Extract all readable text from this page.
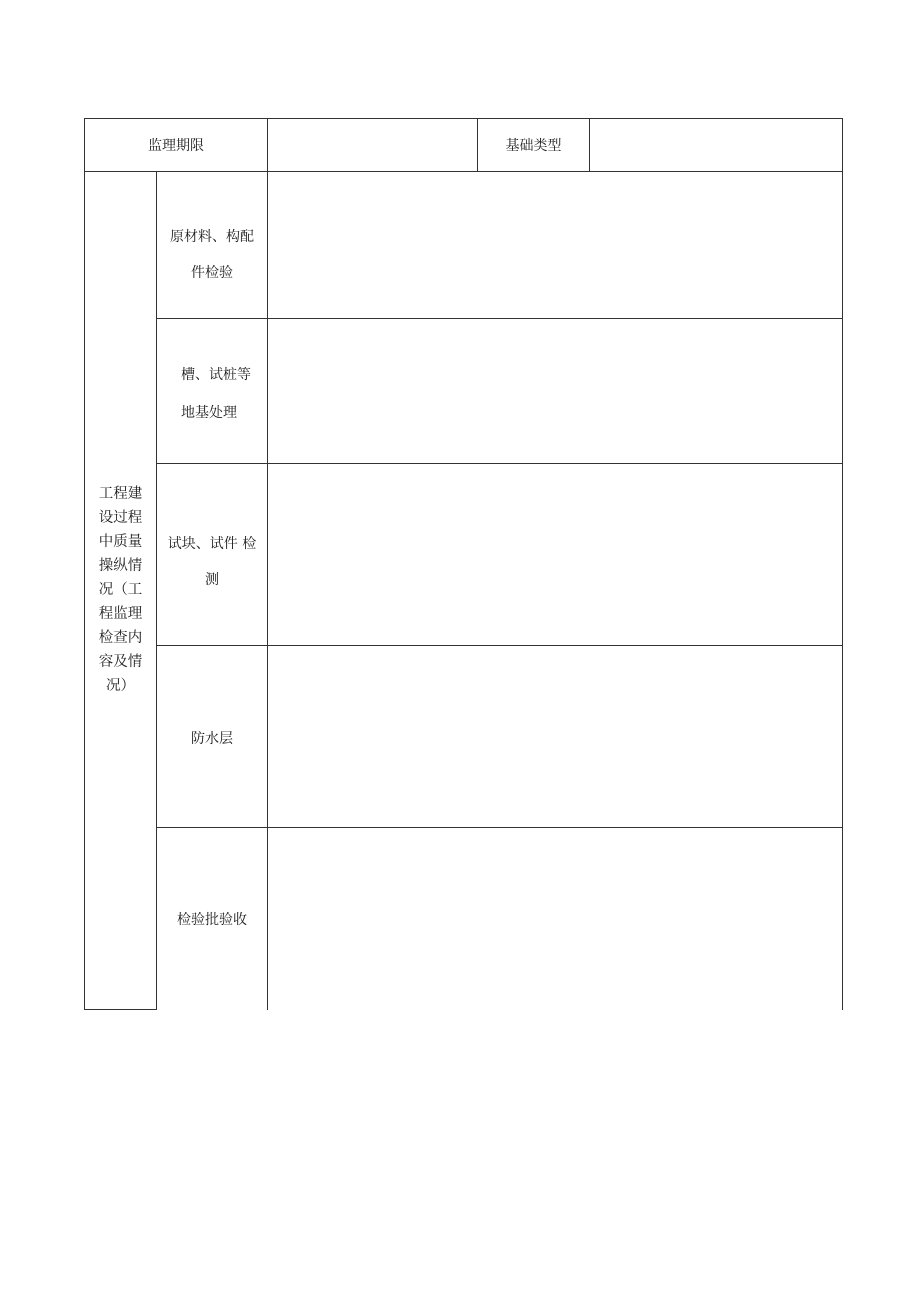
监理期限	基础类型
工程建
设过程
中质量
操纵情
况（工
程监理
检查内
容及情
况）
原材料、构配
件检验
槽、试桩等
地基处理
试块、试件 检
测
防水层
检验批验收
